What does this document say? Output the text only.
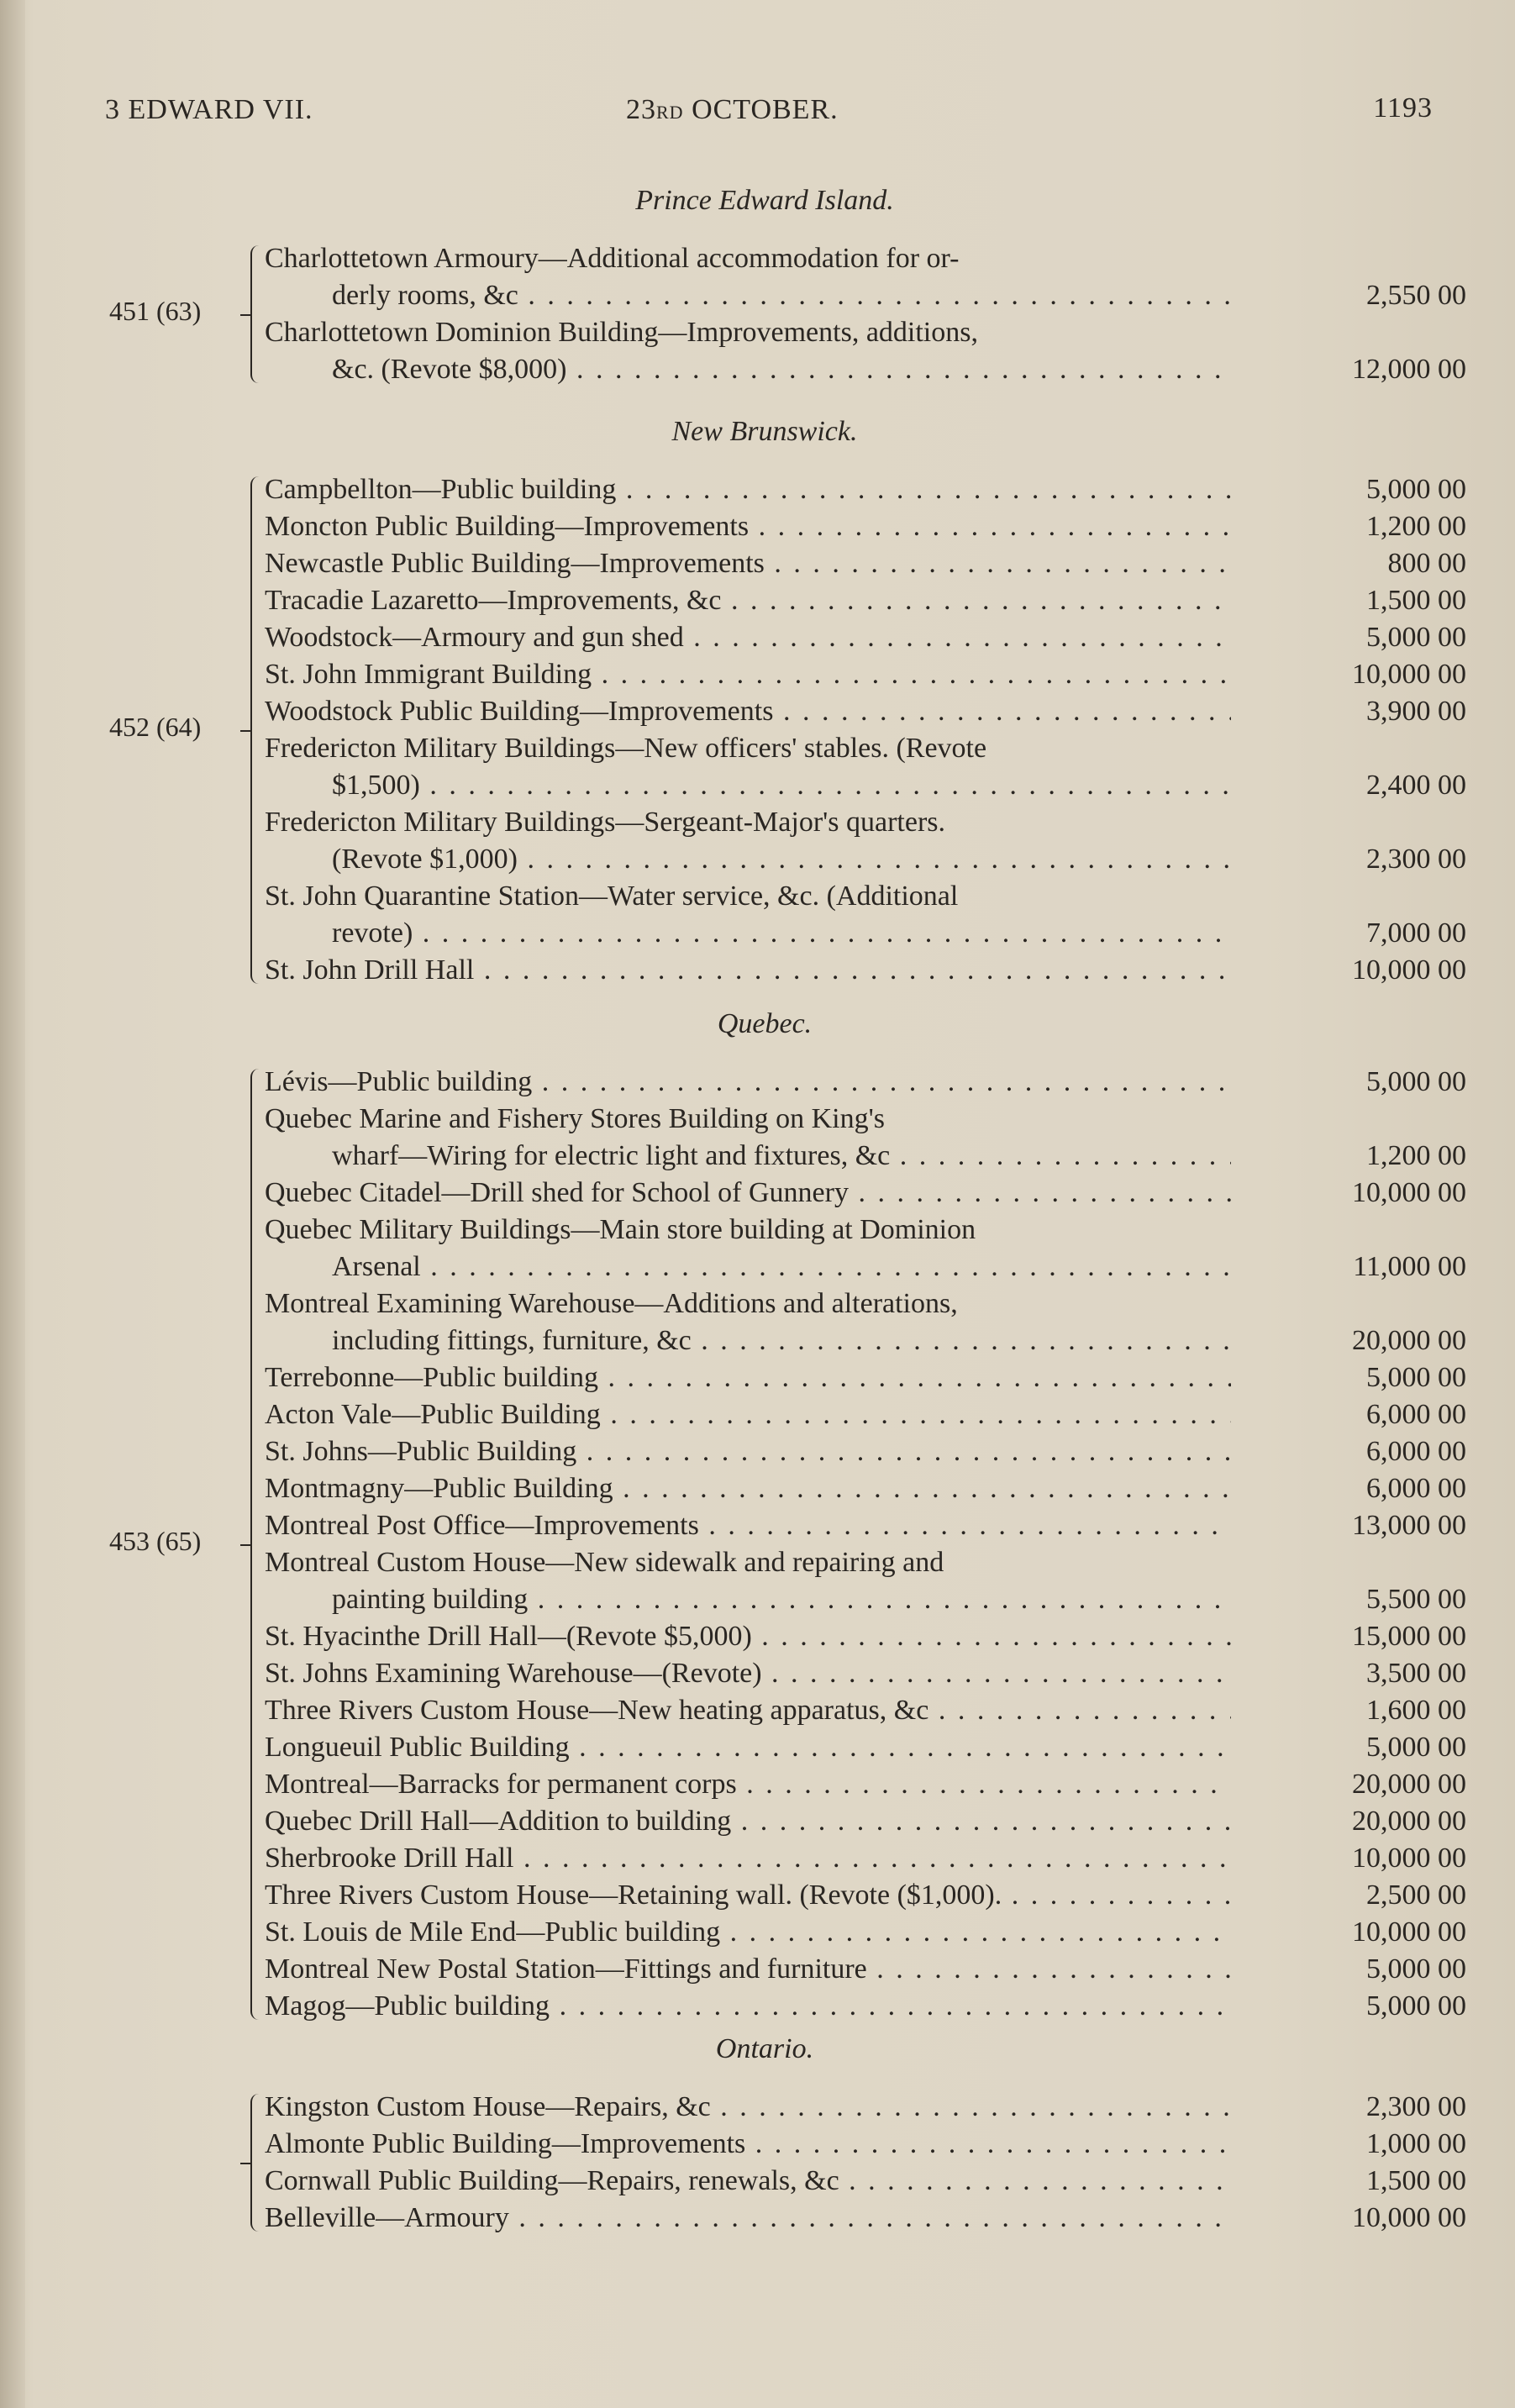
3 EDWARD VII.	23RD OCTOBER.	1193
Prince Edward Island.
Charlottetown Armoury—Additional accommodation for or-
derly rooms, &c . . .	2,550 00
Charlottetown Dominion Building—Improvements, additions,
&c. (Revote $8,000) . . .	12,000 00
451 (63)
New Brunswick.
Campbellton—Public building . . .	5,000 00
Moncton Public Building—Improvements . . .	1,200 00
Newcastle Public Building—Improvements . . .	800 00
Tracadie Lazaretto—Improvements, &c . . .	1,500 00
Woodstock—Armoury and gun shed . . .	5,000 00
St. John Immigrant Building . . .	10,000 00
Woodstock Public Building—Improvements . . .	3,900 00
Fredericton Military Buildings—New officers' stables. (Revote
$1,500) . . .	2,400 00
Fredericton Military Buildings—Sergeant-Major's quarters.
(Revote $1,000) . . .	2,300 00
St. John Quarantine Station—Water service, &c. (Additional
revote) . . .	7,000 00
St. John Drill Hall . . .	10,000 00
452 (64)
Quebec.
Lévis—Public building . . .	5,000 00
Quebec Marine and Fishery Stores Building on King's
wharf—Wiring for electric light and fixtures, &c . . .	1,200 00
Quebec Citadel—Drill shed for School of Gunnery . . .	10,000 00
Quebec Military Buildings—Main store building at Dominion
Arsenal . . .	11,000 00
Montreal Examining Warehouse—Additions and alterations,
including fittings, furniture, &c . . .	20,000 00
Terrebonne—Public building . . .	5,000 00
Acton Vale—Public Building . . .	6,000 00
St. Johns—Public Building . . .	6,000 00
Montmagny—Public Building . . .	6,000 00
Montreal Post Office—Improvements . . .	13,000 00
Montreal Custom House—New sidewalk and repairing and
painting building . . .	5,500 00
St. Hyacinthe Drill Hall—(Revote $5,000) . . .	15,000 00
St. Johns Examining Warehouse—(Revote) . . .	3,500 00
Three Rivers Custom House—New heating apparatus, &c . . .	1,600 00
Longueuil Public Building . . .	5,000 00
Montreal—Barracks for permanent corps . . .	20,000 00
Quebec Drill Hall—Addition to building . . .	20,000 00
Sherbrooke Drill Hall . . .	10,000 00
Three Rivers Custom House—Retaining wall. (Revote ($1,000). . . .	2,500 00
St. Louis de Mile End—Public building . . .	10,000 00
Montreal New Postal Station—Fittings and furniture . . .	5,000 00
Magog—Public building . . .	5,000 00
453 (65)
Ontario.
Kingston Custom House—Repairs, &c . . .	2,300 00
Almonte Public Building—Improvements . . .	1,000 00
Cornwall Public Building—Repairs, renewals, &c . . .	1,500 00
Belleville—Armoury . . .	10,000 00
